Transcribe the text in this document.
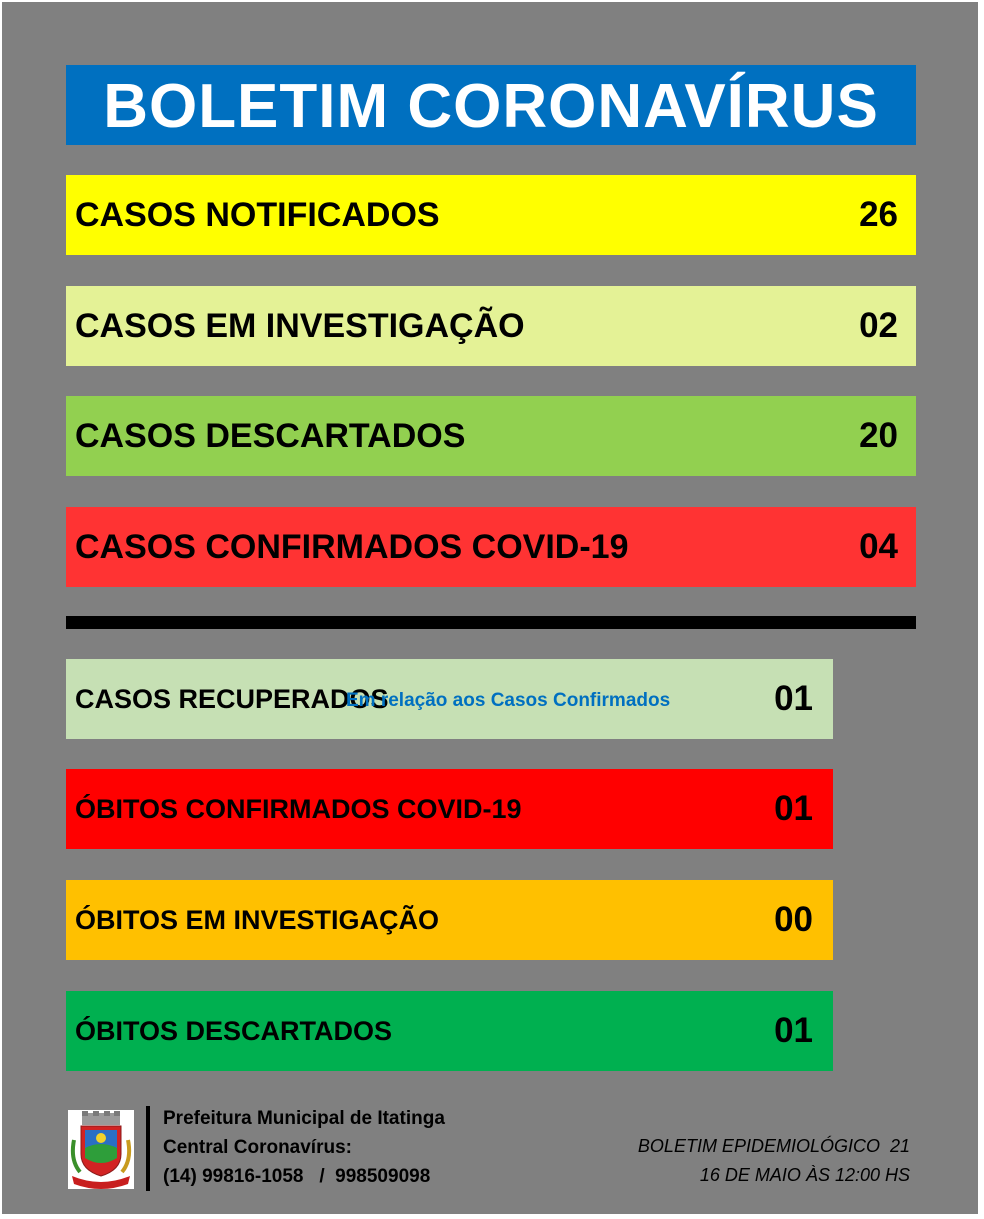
BOLETIM CORONAVÍRUS
CASOS NOTIFICADOS	26
CASOS EM INVESTIGAÇÃO	02
CASOS DESCARTADOS	20
CASOS CONFIRMADOS COVID-19	04
CASOS RECUPERADOS	01
Em relação aos Casos Confirmados
ÓBITOS CONFIRMADOS COVID-19	01
ÓBITOS EM INVESTIGAÇÃO	00
ÓBITOS DESCARTADOS	01
Prefeitura Municipal de Itatinga
Central Coronavírus:
(14) 99816-1058   /  998509098
BOLETIM EPIDEMIOLÓGICO  21
16 DE MAIO ÀS 12:00 HS
